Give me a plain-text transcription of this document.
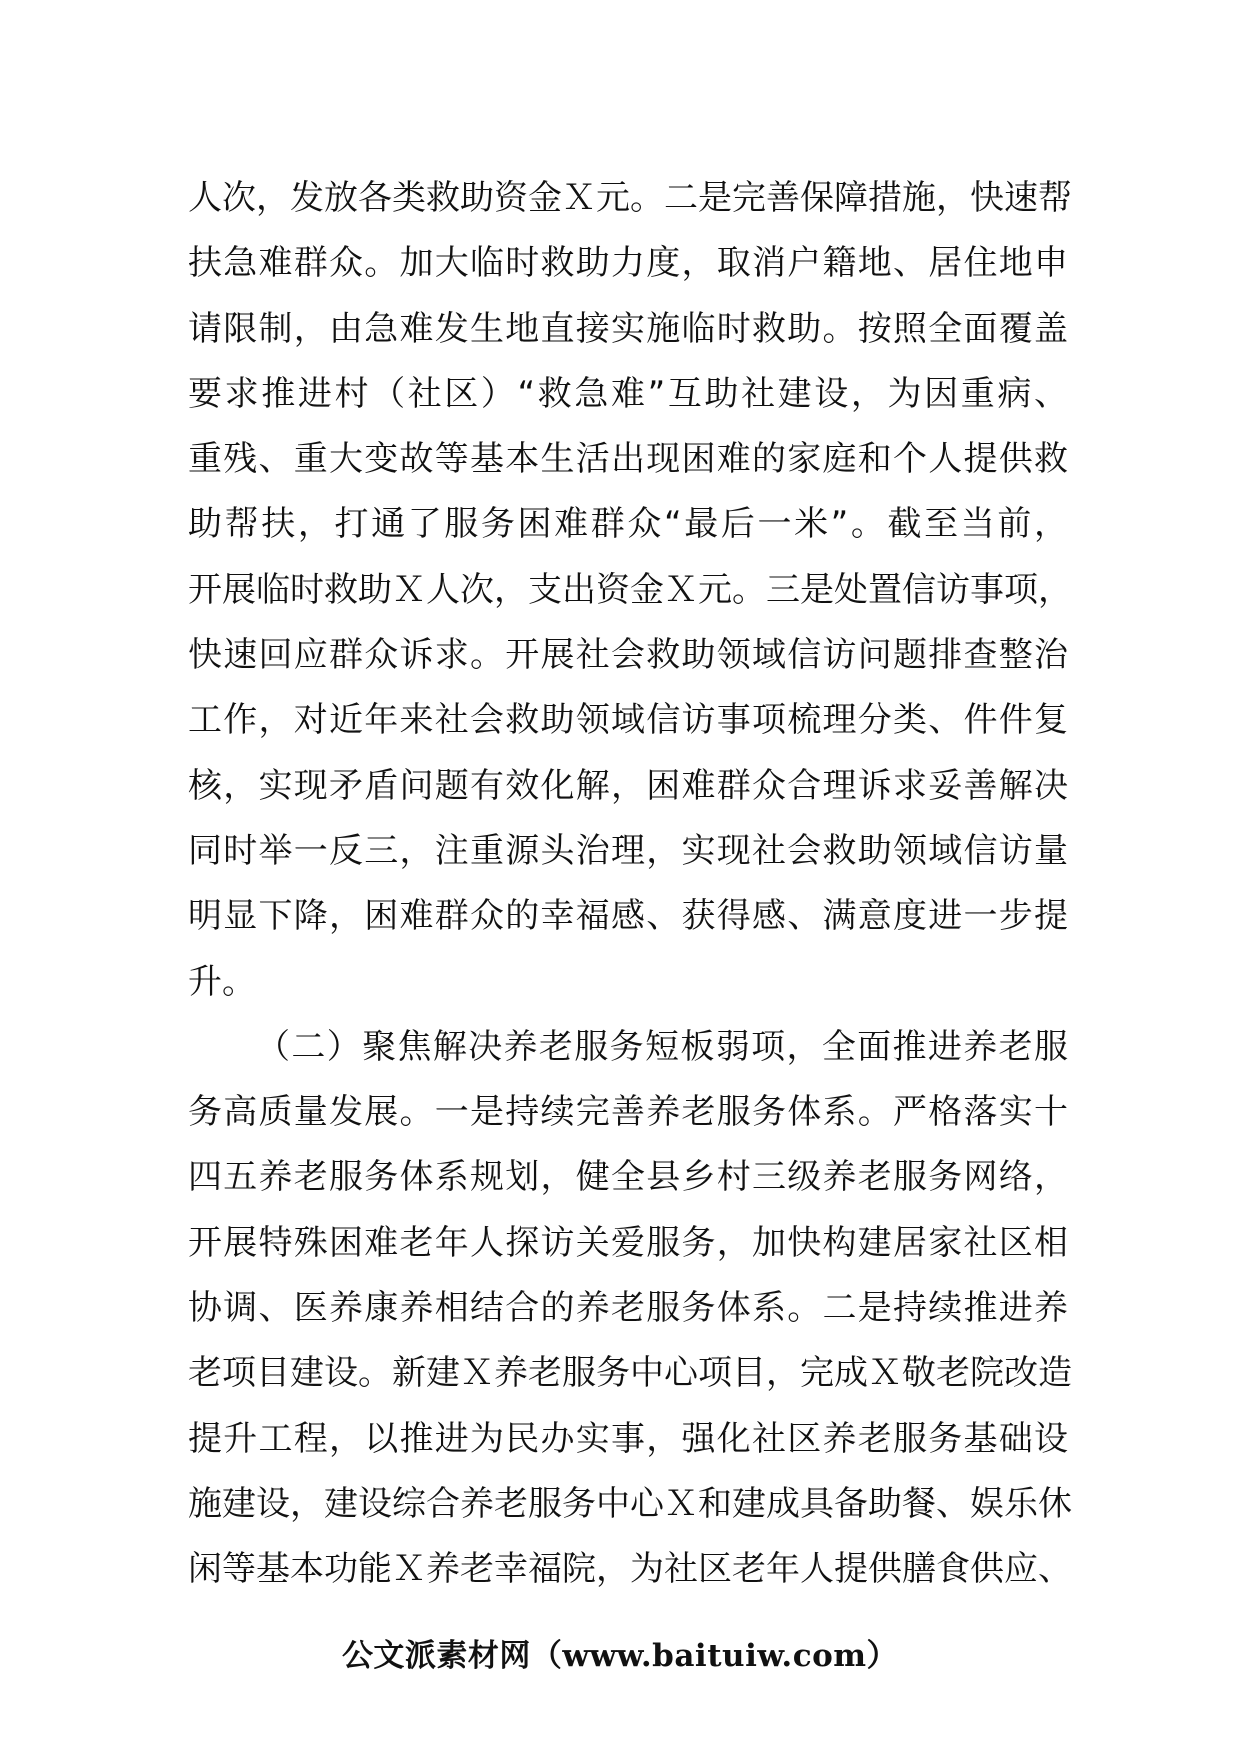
人次，发放各类救助资金Ｘ元。二是完善保障措施，快速帮
扶急难群众。加大临时救助力度，取消户籍地、居住地申
请限制，由急难发生地直接实施临时救助。按照全面覆盖
要求推进村（社区）“救急难”互助社建设，为因重病、
重残、重大变故等基本生活出现困难的家庭和个人提供救
助帮扶，打通了服务困难群众“最后一米”。截至当前，
开展临时救助Ｘ人次，支出资金Ｘ元。三是处置信访事项，
快速回应群众诉求。开展社会救助领域信访问题排查整治
工作，对近年来社会救助领域信访事项梳理分类、件件复
核，实现矛盾问题有效化解，困难群众合理诉求妥善解决
同时举一反三，注重源头治理，实现社会救助领域信访量
明显下降，困难群众的幸福感、获得感、满意度进一步提
升。
（二）聚焦解决养老服务短板弱项，全面推进养老服
务高质量发展。一是持续完善养老服务体系。严格落实十
四五养老服务体系规划，健全县乡村三级养老服务网络，
开展特殊困难老年人探访关爱服务，加快构建居家社区相
协调、医养康养相结合的养老服务体系。二是持续推进养
老项目建设。新建Ｘ养老服务中心项目，完成Ｘ敬老院改造
提升工程，以推进为民办实事，强化社区养老服务基础设
施建设，建设综合养老服务中心Ｘ和建成具备助餐、娱乐休
闲等基本功能Ｘ养老幸福院，为社区老年人提供膳食供应、
公文派素材网（www.baituiw.com）
